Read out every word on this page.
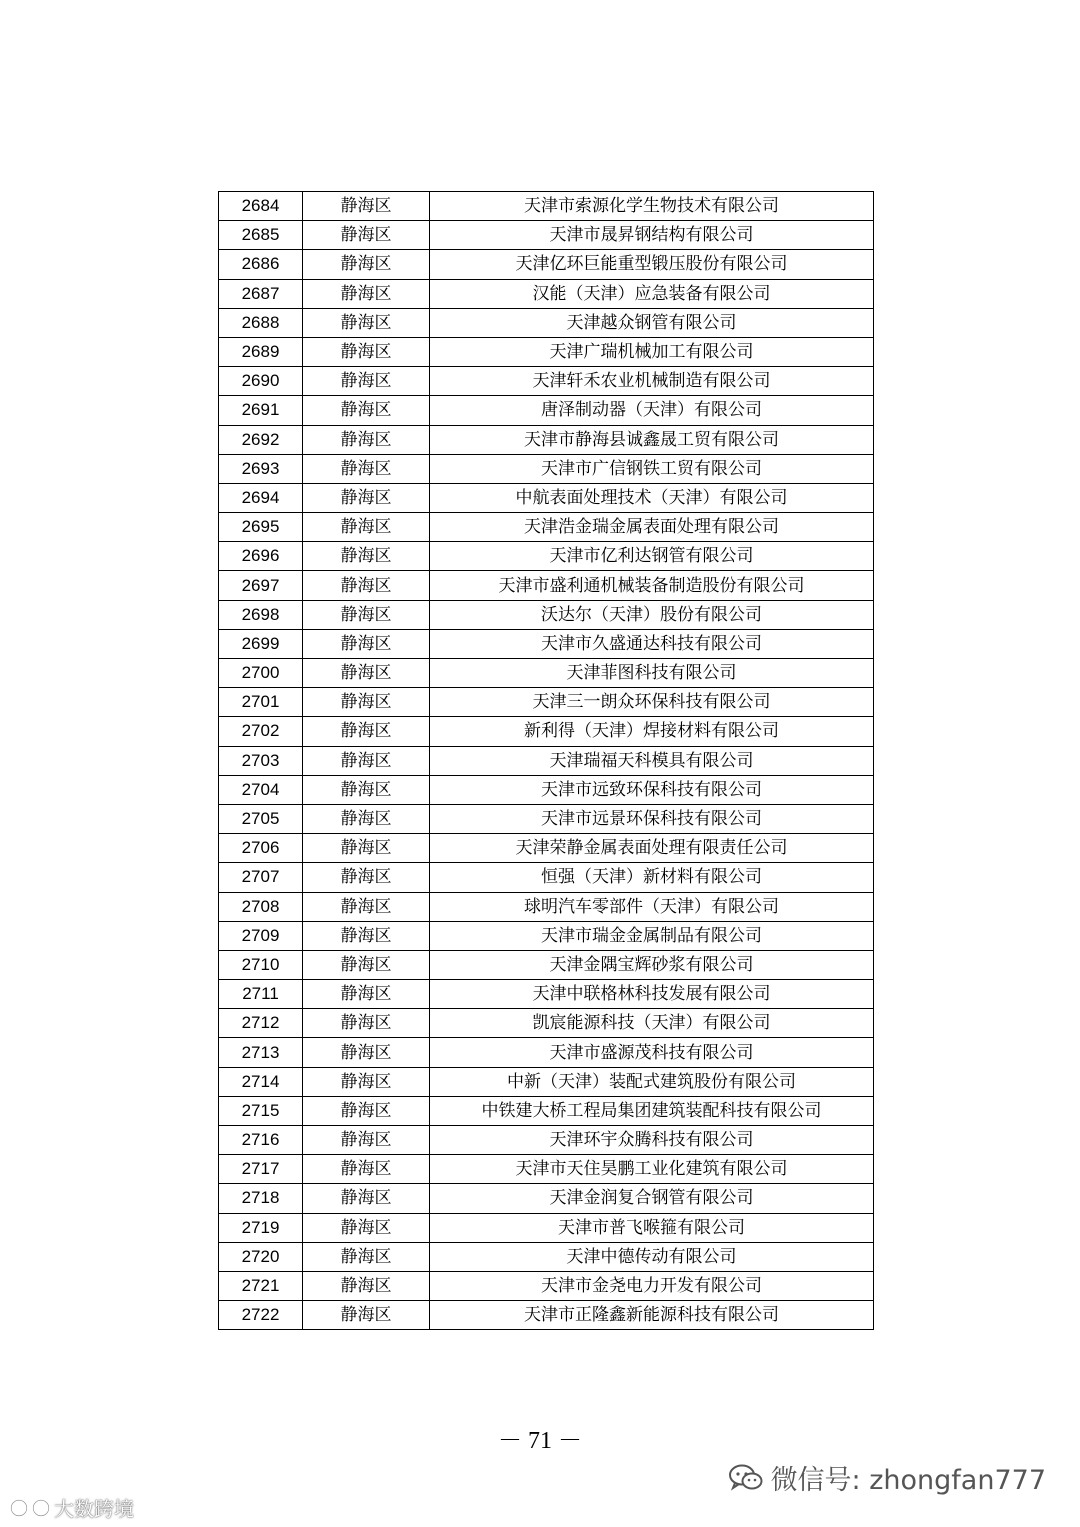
2684	静海区	天津市索源化学生物技术有限公司
2685	静海区	天津市晟昇钢结构有限公司
2686	静海区	天津亿环巨能重型锻压股份有限公司
2687	静海区	汉能（天津）应急装备有限公司
2688	静海区	天津越众钢管有限公司
2689	静海区	天津广瑞机械加工有限公司
2690	静海区	天津轩禾农业机械制造有限公司
2691	静海区	唐泽制动器（天津）有限公司
2692	静海区	天津市静海县诚鑫晟工贸有限公司
2693	静海区	天津市广信钢铁工贸有限公司
2694	静海区	中航表面处理技术（天津）有限公司
2695	静海区	天津浩金瑞金属表面处理有限公司
2696	静海区	天津市亿利达钢管有限公司
2697	静海区	天津市盛利通机械装备制造股份有限公司
2698	静海区	沃达尔（天津）股份有限公司
2699	静海区	天津市久盛通达科技有限公司
2700	静海区	天津菲图科技有限公司
2701	静海区	天津三一朗众环保科技有限公司
2702	静海区	新利得（天津）焊接材料有限公司
2703	静海区	天津瑞福天科模具有限公司
2704	静海区	天津市远致环保科技有限公司
2705	静海区	天津市远景环保科技有限公司
2706	静海区	天津荣静金属表面处理有限责任公司
2707	静海区	恒强（天津）新材料有限公司
2708	静海区	球明汽车零部件（天津）有限公司
2709	静海区	天津市瑞金金属制品有限公司
2710	静海区	天津金隅宝辉砂浆有限公司
2711	静海区	天津中联格林科技发展有限公司
2712	静海区	凯宸能源科技（天津）有限公司
2713	静海区	天津市盛源茂科技有限公司
2714	静海区	中新（天津）装配式建筑股份有限公司
2715	静海区	中铁建大桥工程局集团建筑装配科技有限公司
2716	静海区	天津环宇众腾科技有限公司
2717	静海区	天津市天住昊鹏工业化建筑有限公司
2718	静海区	天津金润复合钢管有限公司
2719	静海区	天津市普飞喉箍有限公司
2720	静海区	天津中德传动有限公司
2721	静海区	天津市金尧电力开发有限公司
2722	静海区	天津市正隆鑫新能源科技有限公司
－ 71 －
微信号: zhongfan777
大数跨境
